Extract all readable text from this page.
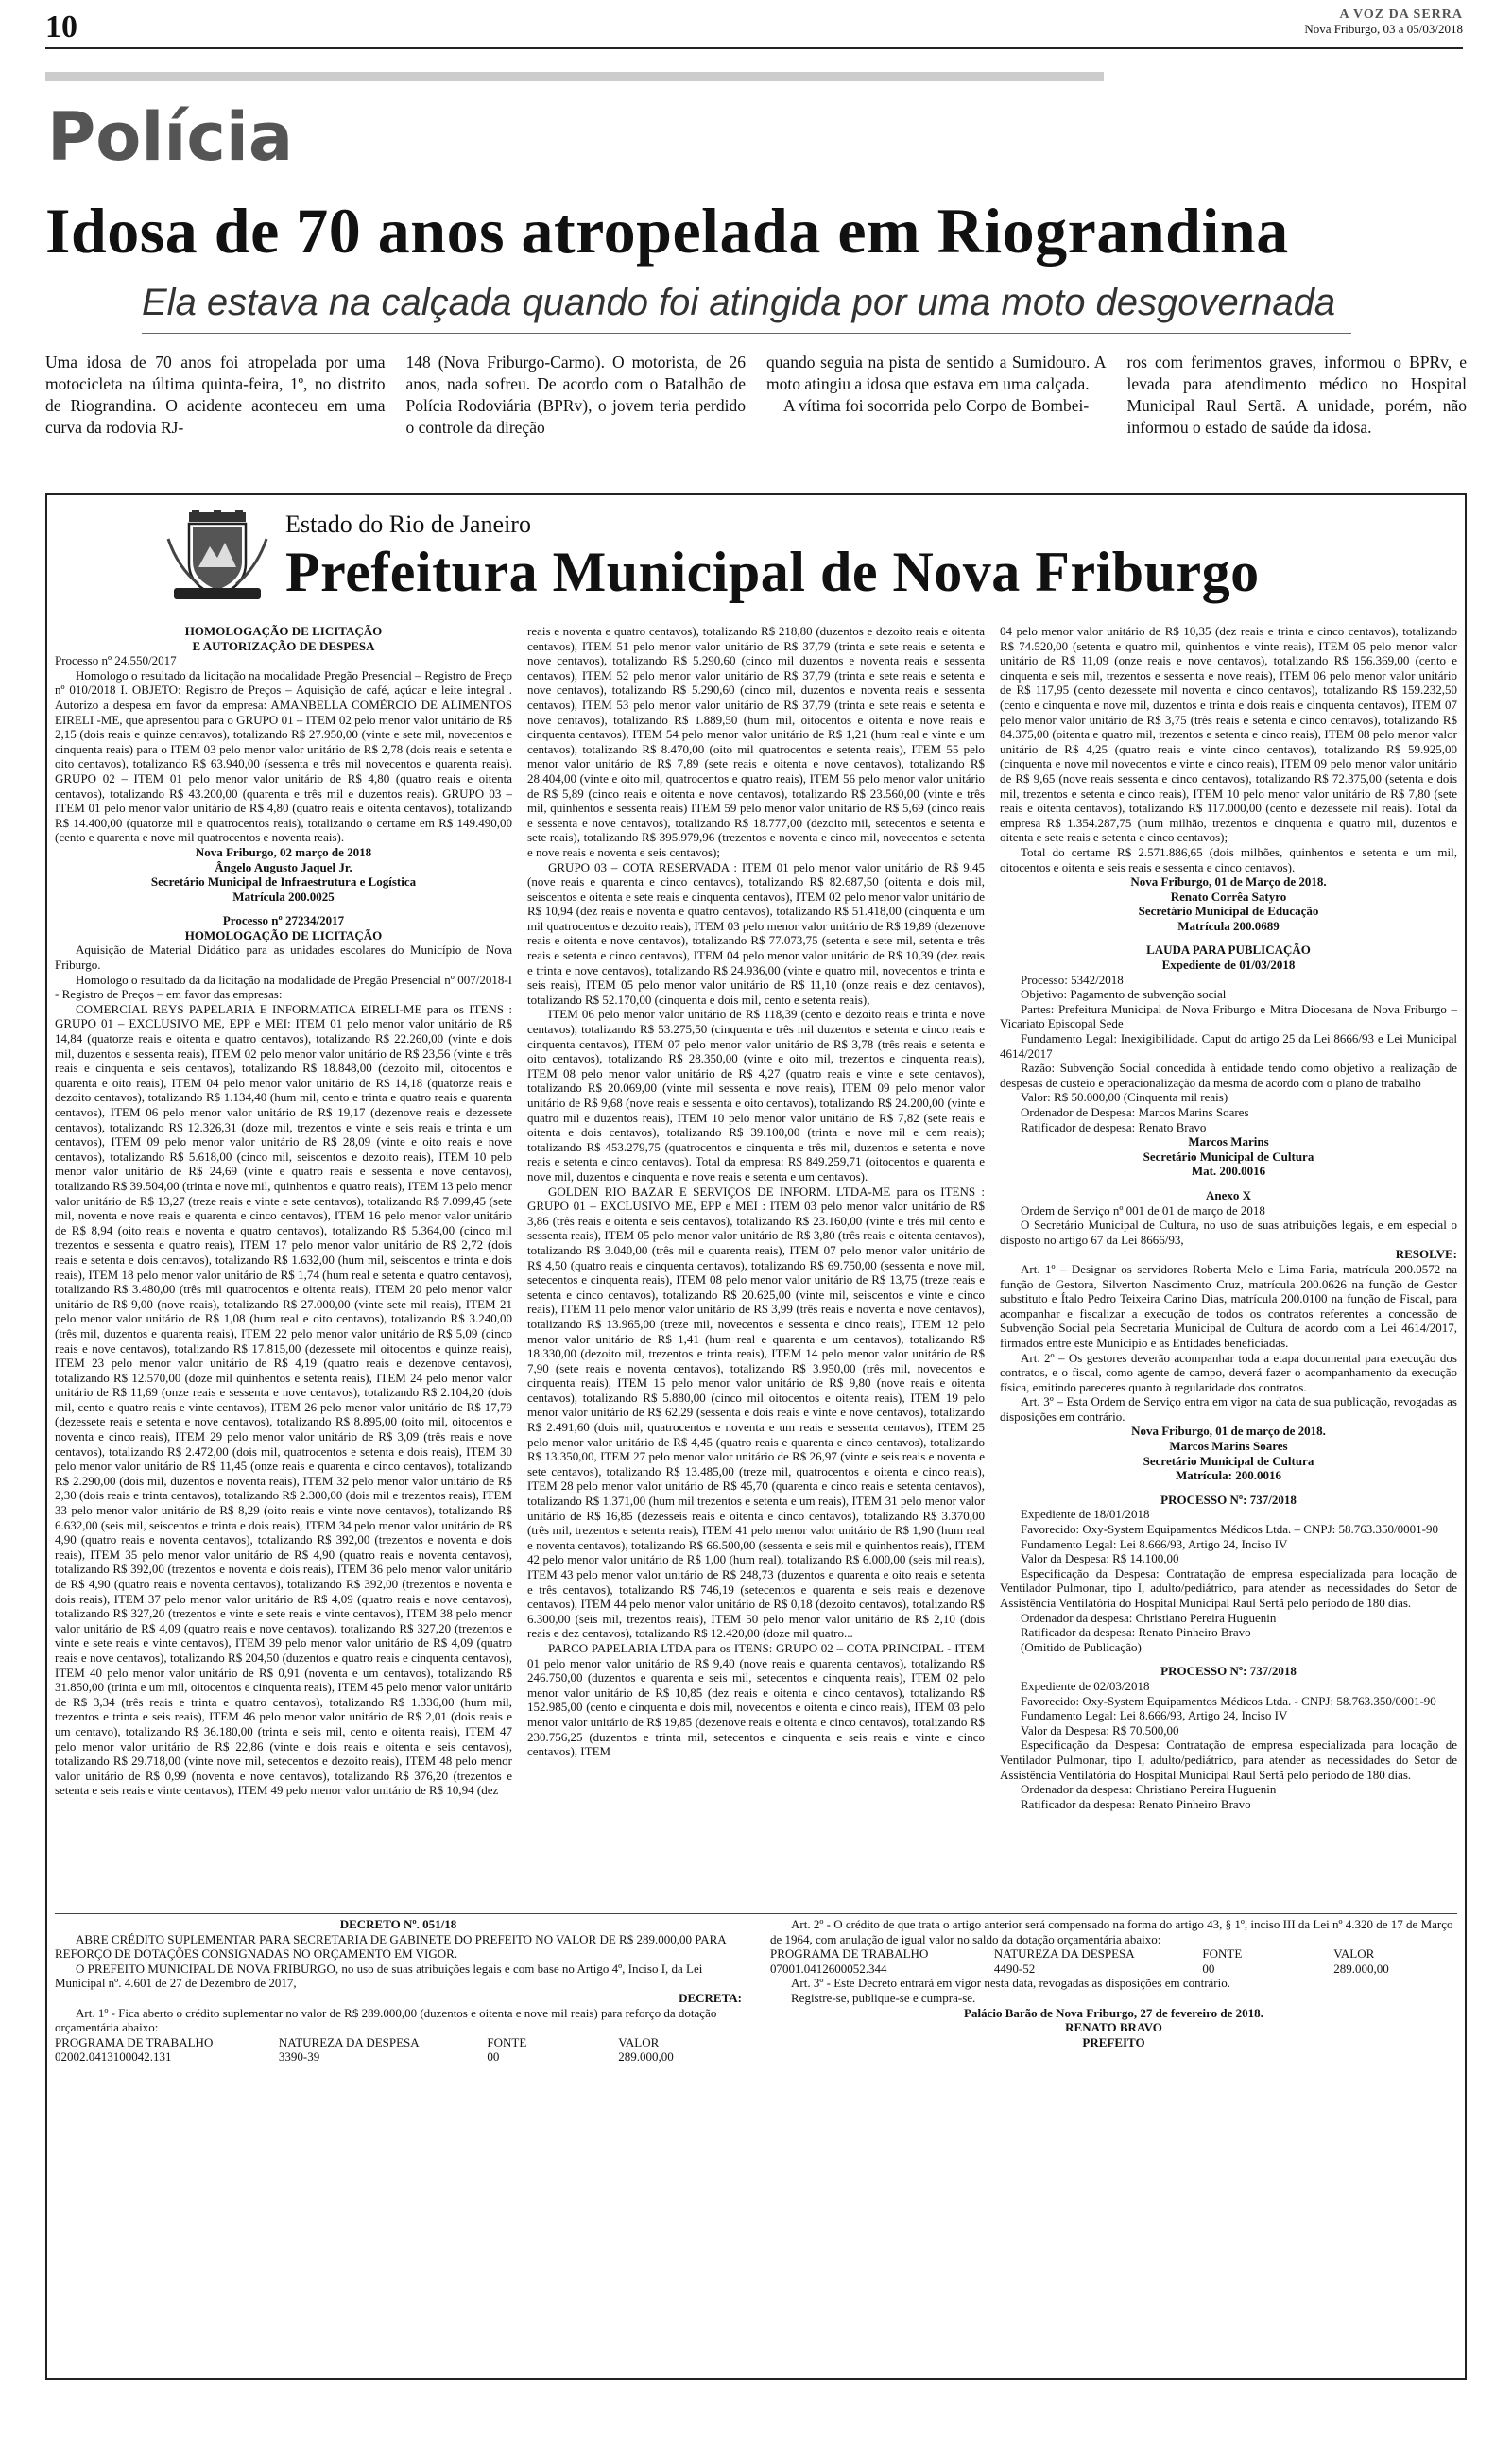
10	A VOZ DA SERRA
Nova Friburgo, 03 a 05/03/2018
Polícia
Idosa de 70 anos atropelada em Riograndina
Ela estava na calçada quando foi atingida por uma moto desgovernada

Uma idosa de 70 anos foi atropelada por uma motocicleta na última quinta-feira, 1º, no distrito de Riograndina. O acidente aconteceu em uma curva da rodovia RJ-

148 (Nova Friburgo-Carmo). O motorista, de 26 anos, nada sofreu. De acordo com o Batalhão de Polícia Rodoviária (BPRv), o jovem teria perdido o controle da direção

quando seguia na pista de sentido a Sumidouro. A moto atingiu a idosa que estava em uma calçada.

A vítima foi socorrida pelo Corpo de Bombei-

ros com ferimentos graves, informou o BPRv, e levada para atendimento médico no Hospital Municipal Raul Sertã. A unidade, porém, não informou o estado de saúde da idosa.

Estado do Rio de Janeiro
Prefeitura Municipal de Nova Friburgo

HOMOLOGAÇÃO DE LICITAÇÃO

E AUTORIZAÇÃO DE DESPESA

Processo nº 24.550/2017

Homologo o resultado da licitação na modalidade Pregão Presencial – Registro de Preço nº 010/2018 I. OBJETO: Registro de Preços – Aquisição de café, açúcar e leite integral . Autorizo a despesa em favor da empresa: AMANBELLA COMÉRCIO DE ALIMENTOS EIRELI -ME, que apresentou para o GRUPO 01 – ITEM 02 pelo menor valor unitário de R$ 2,15 (dois reais e quinze centavos), totalizando R$ 27.950,00 (vinte e sete mil, novecentos e cinquenta reais) para o ITEM 03 pelo menor valor unitário de R$ 2,78 (dois reais e setenta e oito centavos), totalizando R$ 63.940,00 (sessenta e três mil novecentos e quarenta reais). GRUPO 02 – ITEM 01 pelo menor valor unitário de R$ 4,80 (quatro reais e oitenta centavos), totalizando R$ 43.200,00 (quarenta e três mil e duzentos reais). GRUPO 03 – ITEM 01 pelo menor valor unitário de R$ 4,80 (quatro reais e oitenta centavos), totalizando R$ 14.400,00 (quatorze mil e quatrocentos reais), totalizando o certame em R$ 149.490,00 (cento e quarenta e nove mil quatrocentos e noventa reais).

Nova Friburgo, 02 março de 2018

Ângelo Augusto Jaquel Jr.

Secretário Municipal de Infraestrutura e Logística

Matrícula 200.0025

Processo nº 27234/2017

HOMOLOGAÇÃO DE LICITAÇÃO

Aquisição de Material Didático para as unidades escolares do Município de Nova Friburgo.

Homologo o resultado da da licitação na modalidade de Pregão Presencial nº 007/2018-I - Registro de Preços – em favor das empresas:

COMERCIAL REYS PAPELARIA E INFORMATICA EIRELI-ME para os ITENS : GRUPO 01 – EXCLUSIVO ME, EPP e MEI: ITEM 01 pelo menor valor unitário de R$ 14,84 (quatorze reais e oitenta e quatro centavos), totalizando R$ 22.260,00 (vinte e dois mil, duzentos e sessenta reais), ITEM 02 pelo menor valor unitário de R$ 23,56 (vinte e três reais e cinquenta e seis centavos), totalizando R$ 18.848,00 (dezoito mil, oitocentos e quarenta e oito reais), ITEM 04 pelo menor valor unitário de R$ 14,18 (quatorze reais e dezoito centavos), totalizando R$ 1.134,40 (hum mil, cento e trinta e quatro reais e quarenta centavos), ITEM 06 pelo menor valor unitário de R$ 19,17 (dezenove reais e dezessete centavos), totalizando R$ 12.326,31 (doze mil, trezentos e vinte e seis reais e trinta e um centavos), ITEM 09 pelo menor valor unitário de R$ 28,09 (vinte e oito reais e nove centavos), totalizando R$ 5.618,00 (cinco mil, seiscentos e dezoito reais), ITEM 10 pelo menor valor unitário de R$ 24,69 (vinte e quatro reais e sessenta e nove centavos), totalizando R$ 39.504,00 (trinta e nove mil, quinhentos e quatro reais), ITEM 13 pelo menor valor unitário de R$ 13,27 (treze reais e vinte e sete centavos), totalizando R$ 7.099,45 (sete mil, noventa e nove reais e quarenta e cinco centavos), ITEM 16 pelo menor valor unitário de R$ 8,94 (oito reais e noventa e quatro centavos), totalizando R$ 5.364,00 (cinco mil trezentos e sessenta e quatro reais), ITEM 17 pelo menor valor unitário de R$ 2,72 (dois reais e setenta e dois centavos), totalizando R$ 1.632,00 (hum mil, seiscentos e trinta e dois reais), ITEM 18 pelo menor valor unitário de R$ 1,74 (hum real e setenta e quatro centavos), totalizando R$ 3.480,00 (três mil quatrocentos e oitenta reais), ITEM 20 pelo menor valor unitário de R$ 9,00 (nove reais), totalizando R$ 27.000,00 (vinte sete mil reais), ITEM 21 pelo menor valor unitário de R$ 1,08 (hum real e oito centavos), totalizando R$ 3.240,00 (três mil, duzentos e quarenta reais), ITEM 22 pelo menor valor unitário de R$ 5,09 (cinco reais e nove centavos), totalizando R$ 17.815,00 (dezessete mil oitocentos e quinze reais), ITEM 23 pelo menor valor unitário de R$ 4,19 (quatro reais e dezenove centavos), totalizando R$ 12.570,00 (doze mil quinhentos e setenta reais), ITEM 24 pelo menor valor unitário de R$ 11,69 (onze reais e sessenta e nove centavos), totalizando R$ 2.104,20 (dois mil, cento e quatro reais e vinte centavos), ITEM 26 pelo menor valor unitário de R$ 17,79 (dezessete reais e setenta e nove centavos), totalizando R$ 8.895,00 (oito mil, oitocentos e noventa e cinco reais), ITEM 29 pelo menor valor unitário de R$ 3,09 (três reais e nove centavos), totalizando R$ 2.472,00 (dois mil, quatrocentos e setenta e dois reais), ITEM 30 pelo menor valor unitário de R$ 11,45 (onze reais e quarenta e cinco centavos), totalizando R$ 2.290,00 (dois mil, duzentos e noventa reais), ITEM 32 pelo menor valor unitário de R$ 2,30 (dois reais e trinta centavos), totalizando R$ 2.300,00 (dois mil e trezentos reais), ITEM 33 pelo menor valor unitário de R$ 8,29 (oito reais e vinte nove centavos), totalizando R$ 6.632,00 (seis mil, seiscentos e trinta e dois reais), ITEM 34 pelo menor valor unitário de R$ 4,90 (quatro reais e noventa centavos), totalizando R$ 392,00 (trezentos e noventa e dois reais), ITEM 35 pelo menor valor unitário de R$ 4,90 (quatro reais e noventa centavos), totalizando R$ 392,00 (trezentos e noventa e dois reais), ITEM 36 pelo menor valor unitário de R$ 4,90 (quatro reais e noventa centavos), totalizando R$ 392,00 (trezentos e noventa e dois reais), ITEM 37 pelo menor valor unitário de R$ 4,09 (quatro reais e nove centavos), totalizando R$ 327,20 (trezentos e vinte e sete reais e vinte centavos), ITEM 38 pelo menor valor unitário de R$ 4,09 (quatro reais e nove centavos), totalizando R$ 327,20 (trezentos e vinte e sete reais e vinte centavos), ITEM 39 pelo menor valor unitário de R$ 4,09 (quatro reais e nove centavos), totalizando R$ 204,50 (duzentos e quatro reais e cinquenta centavos), ITEM 40 pelo menor valor unitário de R$ 0,91 (noventa e um centavos), totalizando R$ 31.850,00 (trinta e um mil, oitocentos e cinquenta reais), ITEM 45 pelo menor valor unitário de R$ 3,34 (três reais e trinta e quatro centavos), totalizando R$ 1.336,00 (hum mil, trezentos e trinta e seis reais), ITEM 46 pelo menor valor unitário de R$ 2,01 (dois reais e um centavo), totalizando R$ 36.180,00 (trinta e seis mil, cento e oitenta reais), ITEM 47 pelo menor valor unitário de R$ 22,86 (vinte e dois reais e oitenta e seis centavos), totalizando R$ 29.718,00 (vinte nove mil, setecentos e dezoito reais), ITEM 48 pelo menor valor unitário de R$ 0,99 (noventa e nove centavos), totalizando R$ 376,20 (trezentos e setenta e seis reais e vinte centavos), ITEM 49 pelo menor valor unitário de R$ 10,94 (dez

reais e noventa e quatro centavos), totalizando R$ 218,80 (duzentos e dezoito reais e oitenta centavos), ITEM 51 pelo menor valor unitário de R$ 37,79 (trinta e sete reais e setenta e nove centavos), totalizando R$ 5.290,60 (cinco mil duzentos e noventa reais e sessenta centavos), ITEM 52 pelo menor valor unitário de R$ 37,79 (trinta e sete reais e setenta e nove centavos), totalizando R$ 5.290,60 (cinco mil, duzentos e noventa reais e sessenta centavos), ITEM 53 pelo menor valor unitário de R$ 37,79 (trinta e sete reais e setenta e nove centavos), totalizando R$ 1.889,50 (hum mil, oitocentos e oitenta e nove reais e cinquenta centavos), ITEM 54 pelo menor valor unitário de R$ 1,21 (hum real e vinte e um centavos), totalizando R$ 8.470,00 (oito mil quatrocentos e setenta reais), ITEM 55 pelo menor valor unitário de R$ 7,89 (sete reais e oitenta e nove centavos), totalizando R$ 28.404,00 (vinte e oito mil, quatrocentos e quatro reais), ITEM 56 pelo menor valor unitário de R$ 5,89 (cinco reais e oitenta e nove centavos), totalizando R$ 23.560,00 (vinte e três mil, quinhentos e sessenta reais) ITEM 59 pelo menor valor unitário de R$ 5,69 (cinco reais e sessenta e nove centavos), totalizando R$ 18.777,00 (dezoito mil, setecentos e setenta e sete reais), totalizando R$ 395.979,96 (trezentos e noventa e cinco mil, novecentos e setenta e nove reais e noventa e seis centavos);

GRUPO 03 – COTA RESERVADA : ITEM 01 pelo menor valor unitário de R$ 9,45 (nove reais e quarenta e cinco centavos), totalizando R$ 82.687,50 (oitenta e dois mil, seiscentos e oitenta e sete reais e cinquenta centavos), ITEM 02 pelo menor valor unitário de R$ 10,94 (dez reais e noventa e quatro centavos), totalizando R$ 51.418,00 (cinquenta e um mil quatrocentos e dezoito reais), ITEM 03 pelo menor valor unitário de R$ 19,89 (dezenove reais e oitenta e nove centavos), totalizando R$ 77.073,75 (setenta e sete mil, setenta e três reais e setenta e cinco centavos), ITEM 04 pelo menor valor unitário de R$ 10,39 (dez reais e trinta e nove centavos), totalizando R$ 24.936,00 (vinte e quatro mil, novecentos e trinta e seis reais), ITEM 05 pelo menor valor unitário de R$ 11,10 (onze reais e dez centavos), totalizando R$ 52.170,00 (cinquenta e dois mil, cento e setenta reais),

ITEM 06 pelo menor valor unitário de R$ 118,39 (cento e dezoito reais e trinta e nove centavos), totalizando R$ 53.275,50 (cinquenta e três mil duzentos e setenta e cinco reais e cinquenta centavos), ITEM 07 pelo menor valor unitário de R$ 3,78 (três reais e setenta e oito centavos), totalizando R$ 28.350,00 (vinte e oito mil, trezentos e cinquenta reais), ITEM 08 pelo menor valor unitário de R$ 4,27 (quatro reais e vinte e sete centavos), totalizando R$ 20.069,00 (vinte mil sessenta e nove reais), ITEM 09 pelo menor valor unitário de R$ 9,68 (nove reais e sessenta e oito centavos), totalizando R$ 24.200,00 (vinte e quatro mil e duzentos reais), ITEM 10 pelo menor valor unitário de R$ 7,82 (sete reais e oitenta e dois centavos), totalizando R$ 39.100,00 (trinta e nove mil e cem reais); totalizando R$ 453.279,75 (quatrocentos e cinquenta e três mil, duzentos e setenta e nove reais e setenta e cinco centavos). Total da empresa: R$ 849.259,71 (oitocentos e quarenta e nove mil, duzentos e cinquenta e nove reais e setenta e um centavos).

GOLDEN RIO BAZAR E SERVIÇOS DE INFORM. LTDA-ME para os ITENS : GRUPO 01 – EXCLUSIVO ME, EPP e MEI : ITEM 03 pelo menor valor unitário de R$ 3,86 (três reais e oitenta e seis centavos), totalizando R$ 23.160,00 (vinte e três mil cento e sessenta reais), ITEM 05 pelo menor valor unitário de R$ 3,80 (três reais e oitenta centavos), totalizando R$ 3.040,00 (três mil e quarenta reais), ITEM 07 pelo menor valor unitário de R$ 4,50 (quatro reais e cinquenta centavos), totalizando R$ 69.750,00 (sessenta e nove mil, setecentos e cinquenta reais), ITEM 08 pelo menor valor unitário de R$ 13,75 (treze reais e setenta e cinco centavos), totalizando R$ 20.625,00 (vinte mil, seiscentos e vinte e cinco reais), ITEM 11 pelo menor valor unitário de R$ 3,99 (três reais e noventa e nove centavos), totalizando R$ 13.965,00 (treze mil, novecentos e sessenta e cinco reais), ITEM 12 pelo menor valor unitário de R$ 1,41 (hum real e quarenta e um centavos), totalizando R$ 18.330,00 (dezoito mil, trezentos e trinta reais), ITEM 14 pelo menor valor unitário de R$ 7,90 (sete reais e noventa centavos), totalizando R$ 3.950,00 (três mil, novecentos e cinquenta reais), ITEM 15 pelo menor valor unitário de R$ 9,80 (nove reais e oitenta centavos), totalizando R$ 5.880,00 (cinco mil oitocentos e oitenta reais), ITEM 19 pelo menor valor unitário de R$ 62,29 (sessenta e dois reais e vinte e nove centavos), totalizando R$ 2.491,60 (dois mil, quatrocentos e noventa e um reais e sessenta centavos), ITEM 25 pelo menor valor unitário de R$ 4,45 (quatro reais e quarenta e cinco centavos), totalizando R$ 13.350,00, ITEM 27 pelo menor valor unitário de R$ 26,97 (vinte e seis reais e noventa e sete centavos), totalizando R$ 13.485,00 (treze mil, quatrocentos e oitenta e cinco reais), ITEM 28 pelo menor valor unitário de R$ 45,70 (quarenta e cinco reais e setenta centavos), totalizando R$ 1.371,00 (hum mil trezentos e setenta e um reais), ITEM 31 pelo menor valor unitário de R$ 16,85 (dezesseis reais e oitenta e cinco centavos), totalizando R$ 3.370,00 (três mil, trezentos e setenta reais), ITEM 41 pelo menor valor unitário de R$ 1,90 (hum real e noventa centavos), totalizando R$ 66.500,00 (sessenta e seis mil e quinhentos reais), ITEM 42 pelo menor valor unitário de R$ 1,00 (hum real), totalizando R$ 6.000,00 (seis mil reais), ITEM 43 pelo menor valor unitário de R$ 248,73 (duzentos e quarenta e oito reais e setenta e três centavos), totalizando R$ 746,19 (setecentos e quarenta e seis reais e dezenove centavos), ITEM 44 pelo menor valor unitário de R$ 0,18 (dezoito centavos), totalizando R$ 6.300,00 (seis mil, trezentos reais), ITEM 50 pelo menor valor unitário de R$ 2,10 (dois reais e dez centavos), totalizando R$ 12.420,00 (doze mil quatro...

PARCO PAPELARIA LTDA para os ITENS: GRUPO 02 – COTA PRINCIPAL - ITEM 01 pelo menor valor unitário de R$ 9,40 (nove reais e quarenta centavos), totalizando R$ 246.750,00 (duzentos e quarenta e seis mil, setecentos e cinquenta reais), ITEM 02 pelo menor valor unitário de R$ 10,85 (dez reais e oitenta e cinco centavos), totalizando R$ 152.985,00 (cento e cinquenta e dois mil, novecentos e oitenta e cinco reais), ITEM 03 pelo menor valor unitário de R$ 19,85 (dezenove reais e oitenta e cinco centavos), totalizando R$ 230.756,25 (duzentos e trinta mil, setecentos e cinquenta e seis reais e vinte e cinco centavos), ITEM

04 pelo menor valor unitário de R$ 10,35 (dez reais e trinta e cinco centavos), totalizando R$ 74.520,00 (setenta e quatro mil, quinhentos e vinte reais), ITEM 05 pelo menor valor unitário de R$ 11,09 (onze reais e nove centavos), totalizando R$ 156.369,00 (cento e cinquenta e seis mil, trezentos e sessenta e nove reais), ITEM 06 pelo menor valor unitário de R$ 117,95 (cento dezessete mil noventa e cinco centavos), totalizando R$ 159.232,50 (cento e cinquenta e nove mil, duzentos e trinta e dois reais e cinquenta centavos), ITEM 07 pelo menor valor unitário de R$ 3,75 (três reais e setenta e cinco centavos), totalizando R$ 84.375,00 (oitenta e quatro mil, trezentos e setenta e cinco reais), ITEM 08 pelo menor valor unitário de R$ 4,25 (quatro reais e vinte cinco centavos), totalizando R$ 59.925,00 (cinquenta e nove mil novecentos e vinte e cinco reais), ITEM 09 pelo menor valor unitário de R$ 9,65 (nove reais sessenta e cinco centavos), totalizando R$ 72.375,00 (setenta e dois mil, trezentos e setenta e cinco reais), ITEM 10 pelo menor valor unitário de R$ 7,80 (sete reais e oitenta centavos), totalizando R$ 117.000,00 (cento e dezessete mil reais). Total da empresa R$ 1.354.287,75 (hum milhão, trezentos e cinquenta e quatro mil, duzentos e oitenta e sete reais e setenta e cinco centavos);

Total do certame R$ 2.571.886,65 (dois milhões, quinhentos e setenta e um mil, oitocentos e oitenta e seis reais e sessenta e cinco centavos).

Nova Friburgo, 01 de Março de 2018.

Renato Corrêa Satyro

Secretário Municipal de Educação

Matrícula 200.0689

LAUDA PARA PUBLICAÇÃO

Expediente de 01/03/2018

Processo: 5342/2018

Objetivo: Pagamento de subvenção social

Partes: Prefeitura Municipal de Nova Friburgo e Mitra Diocesana de Nova Friburgo – Vicariato Episcopal Sede

Fundamento Legal: Inexigibilidade. Caput do artigo 25 da Lei 8666/93 e Lei Municipal 4614/2017

Razão: Subvenção Social concedida à entidade tendo como objetivo a realização de despesas de custeio e operacionalização da mesma de acordo com o plano de trabalho

Valor: R$ 50.000,00 (Cinquenta mil reais)

Ordenador de Despesa: Marcos Marins Soares

Ratificador de despesa: Renato Bravo

Marcos Marins

Secretário Municipal de Cultura

Mat. 200.0016

Anexo X

Ordem de Serviço nº 001 de 01 de março de 2018

O Secretário Municipal de Cultura, no uso de suas atribuições legais, e em especial o disposto no artigo 67 da Lei 8666/93,

RESOLVE:

Art. 1º – Designar os servidores Roberta Melo e Lima Faria, matrícula 200.0572 na função de Gestora, Silverton Nascimento Cruz, matrícula 200.0626 na função de Gestor substituto e Ítalo Pedro Teixeira Carino Dias, matrícula 200.0100 na função de Fiscal, para acompanhar e fiscalizar a execução de todos os contratos referentes a concessão de Subvenção Social pela Secretaria Municipal de Cultura de acordo com a Lei 4614/2017, firmados entre este Município e as Entidades beneficiadas.

Art. 2º – Os gestores deverão acompanhar toda a etapa documental para execução dos contratos, e o fiscal, como agente de campo, deverá fazer o acompanhamento da execução física, emitindo pareceres quanto à regularidade dos contratos.

Art. 3º – Esta Ordem de Serviço entra em vigor na data de sua publicação, revogadas as disposições em contrário.

Nova Friburgo, 01 de março de 2018.

Marcos Marins Soares

Secretário Municipal de Cultura

Matrícula: 200.0016

PROCESSO Nº: 737/2018

Expediente de 18/01/2018

Favorecido: Oxy-System Equipamentos Médicos Ltda. – CNPJ: 58.763.350/0001-90

Fundamento Legal: Lei 8.666/93, Artigo 24, Inciso IV

Valor da Despesa: R$ 14.100,00

Especificação da Despesa: Contratação de empresa especializada para locação de Ventilador Pulmonar, tipo I, adulto/pediátrico, para atender as necessidades do Setor de Assistência Ventilatória do Hospital Municipal Raul Sertã pelo período de 180 dias.

Ordenador da despesa: Christiano Pereira Huguenin

Ratificador da despesa: Renato Pinheiro Bravo

(Omitido de Publicação)

PROCESSO Nº: 737/2018

Expediente de 02/03/2018

Favorecido: Oxy-System Equipamentos Médicos Ltda. - CNPJ: 58.763.350/0001-90

Fundamento Legal: Lei 8.666/93, Artigo 24, Inciso IV

Valor da Despesa: R$ 70.500,00

Especificação da Despesa: Contratação de empresa especializada para locação de Ventilador Pulmonar, tipo I, adulto/pediátrico, para atender as necessidades do Setor de Assistência Ventilatória do Hospital Municipal Raul Sertã pelo período de 180 dias.

Ordenador da despesa: Christiano Pereira Huguenin

Ratificador da despesa: Renato Pinheiro Bravo

DECRETO Nº. 051/18

ABRE CRÉDITO SUPLEMENTAR PARA SECRETARIA DE GABINETE DO PREFEITO NO VALOR DE R$ 289.000,00 PARA REFORÇO DE DOTAÇÕES CONSIGNADAS NO ORÇAMENTO EM VIGOR.

O PREFEITO MUNICIPAL DE NOVA FRIBURGO, no uso de suas atribuições legais e com base no Artigo 4º, Inciso I, da Lei Municipal nº. 4.601 de 27 de Dezembro de 2017,

DECRETA:

Art. 1º - Fica aberto o crédito suplementar no valor de R$ 289.000,00 (duzentos e oitenta e nove mil reais) para reforço da dotação orçamentária abaixo:

PROGRAMA DE TRABALHO	NATUREZA DA DESPESA	FONTE	VALOR
02002.0413100042.131	3390-39	00	289.000,00

Art. 2º - O crédito de que trata o artigo anterior será compensado na forma do artigo 43, § 1º, inciso III da Lei nº 4.320 de 17 de Março de 1964, com anulação de igual valor no saldo da dotação orçamentária abaixo:

PROGRAMA DE TRABALHO	NATUREZA DA DESPESA	FONTE	VALOR
07001.0412600052.344	4490-52	00	289.000,00

Art. 3º - Este Decreto entrará em vigor nesta data, revogadas as disposições em contrário.

Registre-se, publique-se e cumpra-se.

Palácio Barão de Nova Friburgo, 27 de fevereiro de 2018.

RENATO BRAVO

PREFEITO
